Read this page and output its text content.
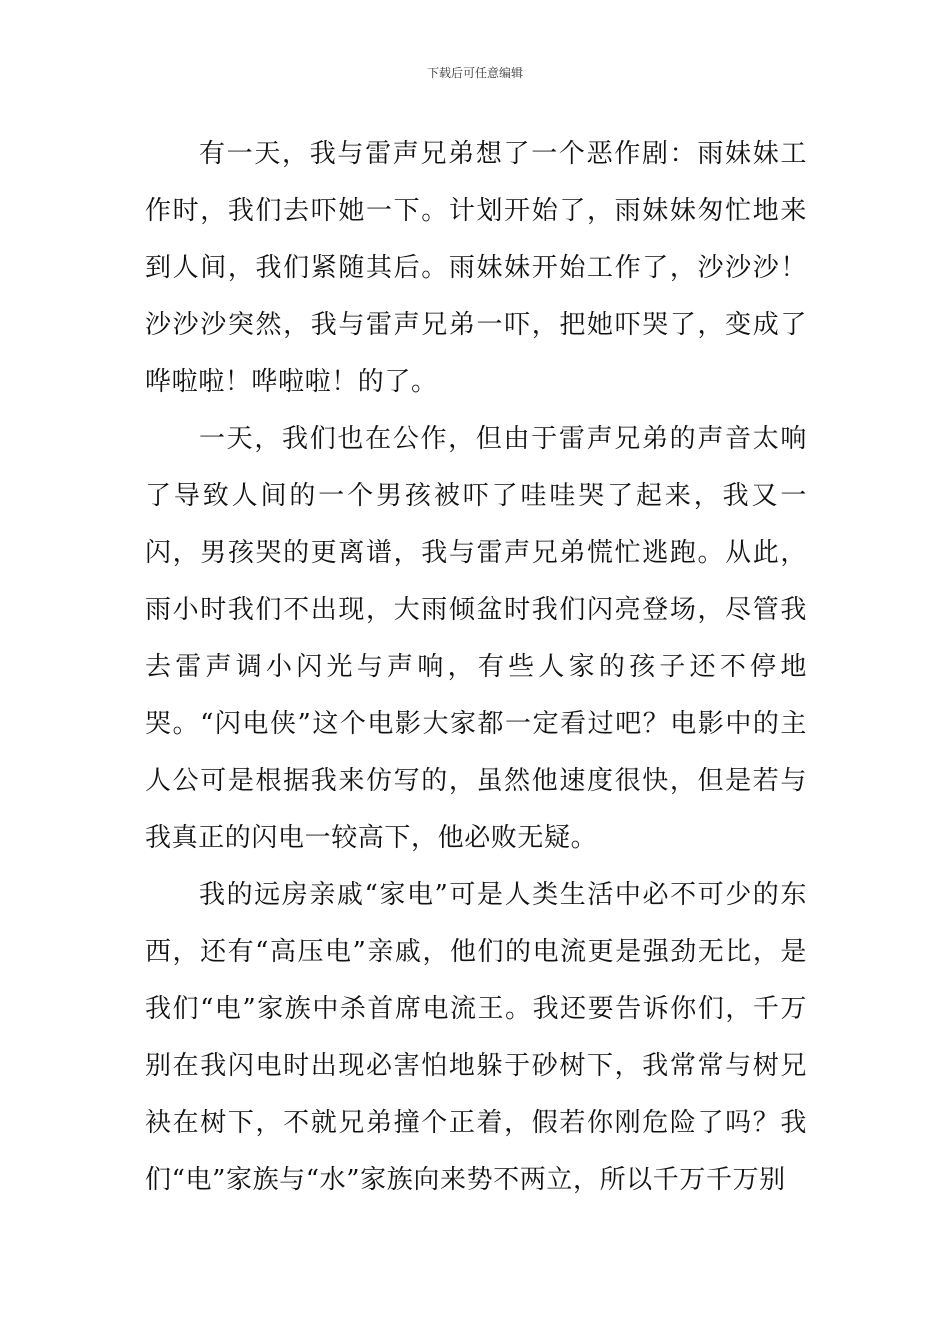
下载后可任意编辑

有一天，我与雷声兄弟想了一个恶作剧：雨妹妹工作时，我们去吓她一下。计划开始了，雨妹妹匆忙地来到人间，我们紧随其后。雨妹妹开始工作了，沙沙沙！沙沙沙突然，我与雷声兄弟一吓，把她吓哭了，变成了哗啦啦！哗啦啦！的了。

一天，我们也在公作，但由于雷声兄弟的声音太响了导致人间的一个男孩被吓了哇哇哭了起来，我又一闪，男孩哭的更离谱，我与雷声兄弟慌忙逃跑。从此，雨小时我们不出现，大雨倾盆时我们闪亮登场，尽管我去雷声调小闪光与声响，有些人家的孩子还不停地哭。“闪电侠”这个电影大家都一定看过吧？电影中的主人公可是根据我来仿写的，虽然他速度很快，但是若与我真正的闪电一较高下，他必败无疑。

我的远房亲戚“家电”可是人类生活中必不可少的东西，还有“高压电”亲戚，他们的电流更是强劲无比，是我们“电”家族中杀首席电流王。我还要告诉你们，千万别在我闪电时出现必害怕地躲于砂树下，我常常与树兄袂在树下，不就兄弟撞个正着，假若你刚危险了吗？我们“电”家族与“水”家族向来势不两立，所以千万千万别
